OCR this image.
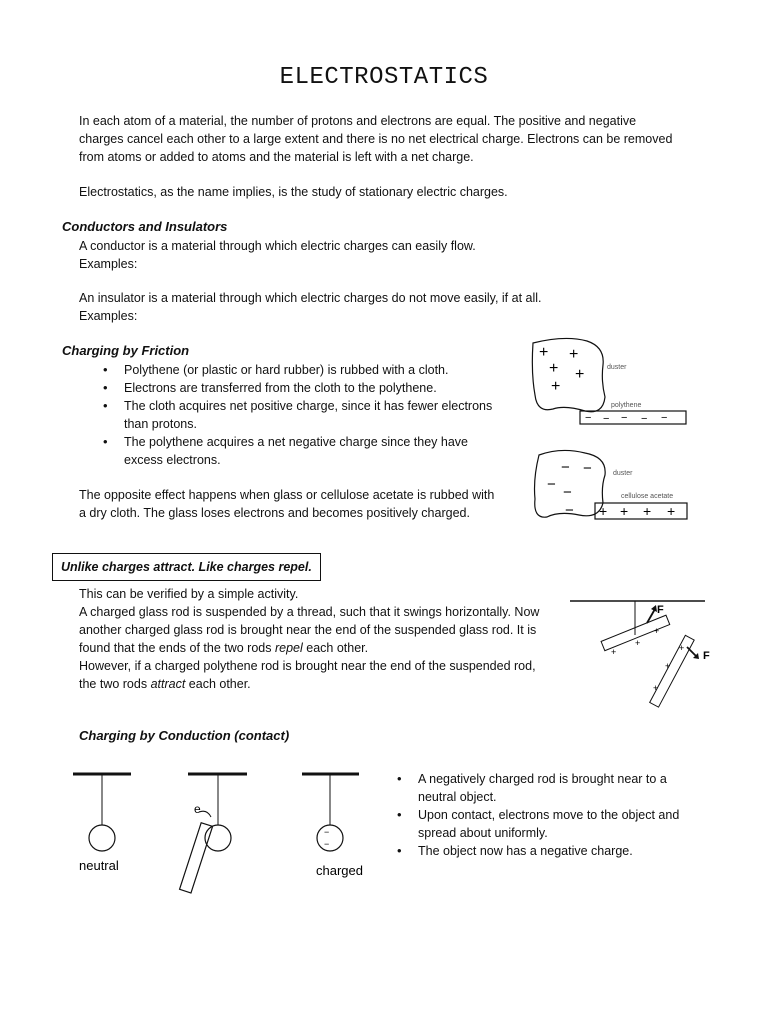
ELECTROSTATICS
In each atom of a material, the number of protons and electrons are equal. The positive and negative
charges cancel each other to a large extent and there is no net electrical charge. Electrons can be removed
from atoms or added to atoms and the material is left with a net charge.
Electrostatics, as the name implies, is the study of stationary electric charges.
Conductors and Insulators
A conductor is a material through which electric charges can easily flow.
Examples:
An insulator is a material through which electric charges do not move easily, if at all.
Examples:
Charging by Friction
• Polythene (or plastic or hard rubber) is rubbed with a cloth.
• Electrons are transferred from the cloth to the polythene.
• The cloth acquires net positive charge, since it has fewer electrons
than protons.
• The polythene acquires a net negative charge since they have
excess electrons.
The opposite effect happens when glass or cellulose acetate is rubbed with
a dry cloth. The glass loses electrons and becomes positively charged.
+ +
+ +
+
duster
polythene
− − − − −
− −
− −
−
duster
cellulose acetate
+ + + +
Unlike charges attract. Like charges repel.
This can be verified by a simple activity.
A charged glass rod is suspended by a thread, such that it swings horizontally. Now
another charged glass rod is brought near the end of the suspended glass rod. It is
found that the ends of the two rods repel each other.
However, if a charged polythene rod is brought near the end of the suspended rod,
the two rods attract each other.
+
+
+
F
+
+
+
F
Charging by Conduction (contact)
neutral
e
−
−
charged
• A negatively charged rod is brought near to a
neutral object.
• Upon contact, electrons move to the object and
spread about uniformly.
• The object now has a negative charge.
